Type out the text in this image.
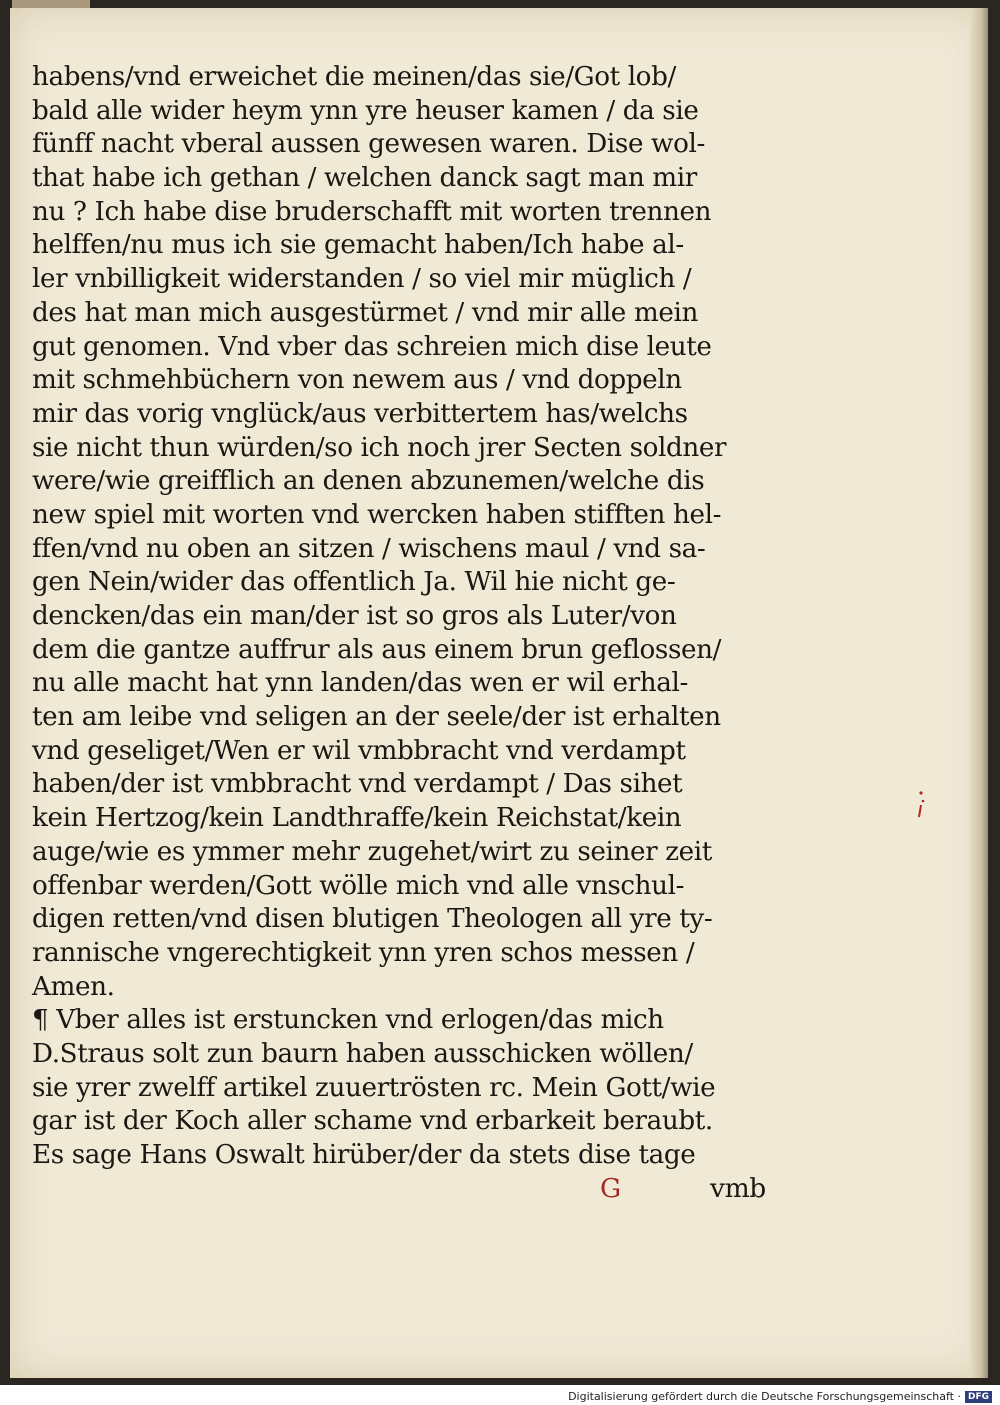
habens/vnd erweichet die meinen/das sie/Got lob/
bald alle wider heym ynn yre heuser kamen / da sie
fünff nacht vberal aussen gewesen waren. Dise wol-
that habe ich gethan / welchen danck sagt man mir
nu ? Ich habe dise bruderschafft mit worten trennen
helffen/nu mus ich sie gemacht haben/Ich habe al-
ler vnbilligkeit widerstanden / so viel mir müglich /
des hat man mich ausgestürmet / vnd mir alle mein
gut genomen. Vnd vber das schreien mich dise leute
mit schmehbüchern von newem aus / vnd doppeln
mir das vorig vnglück/aus verbittertem has/welchs
sie nicht thun würden/so ich noch jrer Secten soldner
were/wie greifflich an denen abzunemen/welche dis
new spiel mit worten vnd wercken haben stifften hel-
ffen/vnd nu oben an sitzen / wischens maul / vnd sa-
gen Nein/wider das offentlich Ja. Wil hie nicht ge-
dencken/das ein man/der ist so gros als Luter/von
dem die gantze auffrur als aus einem brun geflossen/
nu alle macht hat ynn landen/das wen er wil erhal-
ten am leibe vnd seligen an der seele/der ist erhalten
vnd geseliget/Wen er wil vmbbracht vnd verdampt
haben/der ist vmbbracht vnd verdampt / Das sihet
kein Hertzog/kein Landthraffe/kein Reichstat/kein
auge/wie es ymmer mehr zugehet/wirt zu seiner zeit
offenbar werden/Gott wölle mich vnd alle vnschul-
digen retten/vnd disen blutigen Theologen all yre ty-
rannische vngerechtigkeit ynn yren schos messen /
Amen.
¶ Vber alles ist erstuncken vnd erlogen/das mich
D.Straus solt zun baurn haben ausschicken wöllen/
sie yrer zwelff artikel zuuertrösten rc. Mein Gott/wie
gar ist der Koch aller schame vnd erbarkeit beraubt.
Es sage Hans Oswalt hirüber/der da stets dise tage
G	vmb
Digitalisierung gefördert durch die Deutsche Forschungsgemeinschaft · DFG
